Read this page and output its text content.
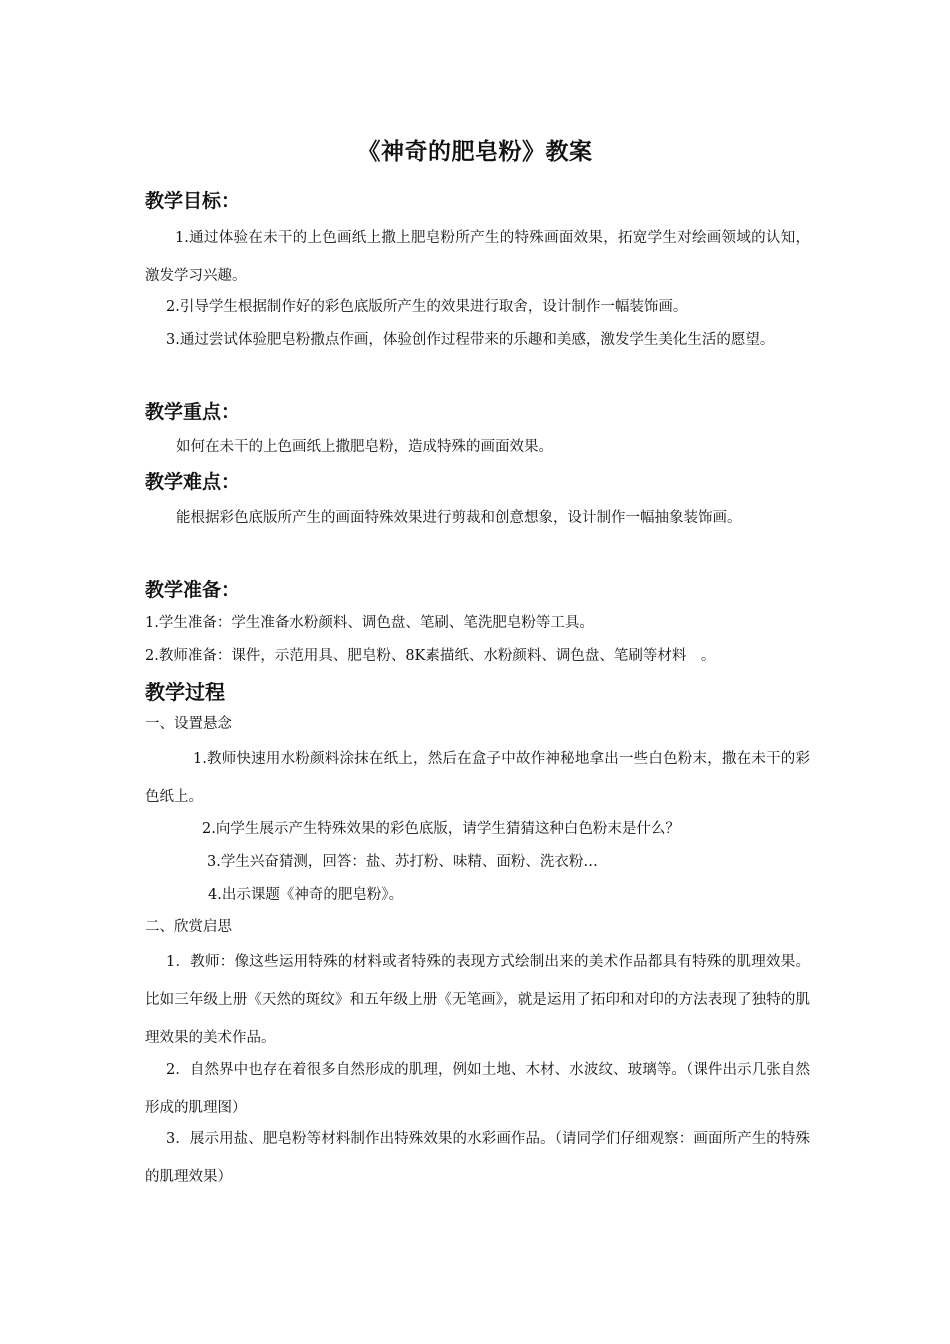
《神奇的肥皂粉》教案
教学目标：
1.通过体验在未干的上色画纸上撒上肥皂粉所产生的特殊画面效果，拓宽学生对绘画领域的认知，激发学习兴趣。
2.引导学生根据制作好的彩色底版所产生的效果进行取舍，设计制作一幅装饰画。
3.通过尝试体验肥皂粉撒点作画，体验创作过程带来的乐趣和美感，激发学生美化生活的愿望。
教学重点：
如何在未干的上色画纸上撒肥皂粉，造成特殊的画面效果。
教学难点：
能根据彩色底版所产生的画面特殊效果进行剪裁和创意想象，设计制作一幅抽象装饰画。
教学准备：
1.学生准备：学生准备水粉颜料、调色盘、笔刷、笔洗肥皂粉等工具。
2.教师准备：课件，示范用具、肥皂粉、8K素描纸、水粉颜料、调色盘、笔刷等材料　。
教学过程
一、设置悬念
1.教师快速用水粉颜料涂抹在纸上，然后在盒子中故作神秘地拿出一些白色粉末，撒在未干的彩色纸上。
2.向学生展示产生特殊效果的彩色底版，请学生猜猜这种白色粉末是什么？
3.学生兴奋猜测，回答：盐、苏打粉、味精、面粉、洗衣粉…
4.出示课题《神奇的肥皂粉》。
二、欣赏启思
1．教师：像这些运用特殊的材料或者特殊的表现方式绘制出来的美术作品都具有特殊的肌理效果。比如三年级上册《天然的斑纹》和五年级上册《无笔画》，就是运用了拓印和对印的方法表现了独特的肌理效果的美术作品。
2．自然界中也存在着很多自然形成的肌理，例如土地、木材、水波纹、玻璃等。（课件出示几张自然形成的肌理图）
3．展示用盐、肥皂粉等材料制作出特殊效果的水彩画作品。（请同学们仔细观察：画面所产生的特殊的肌理效果）
